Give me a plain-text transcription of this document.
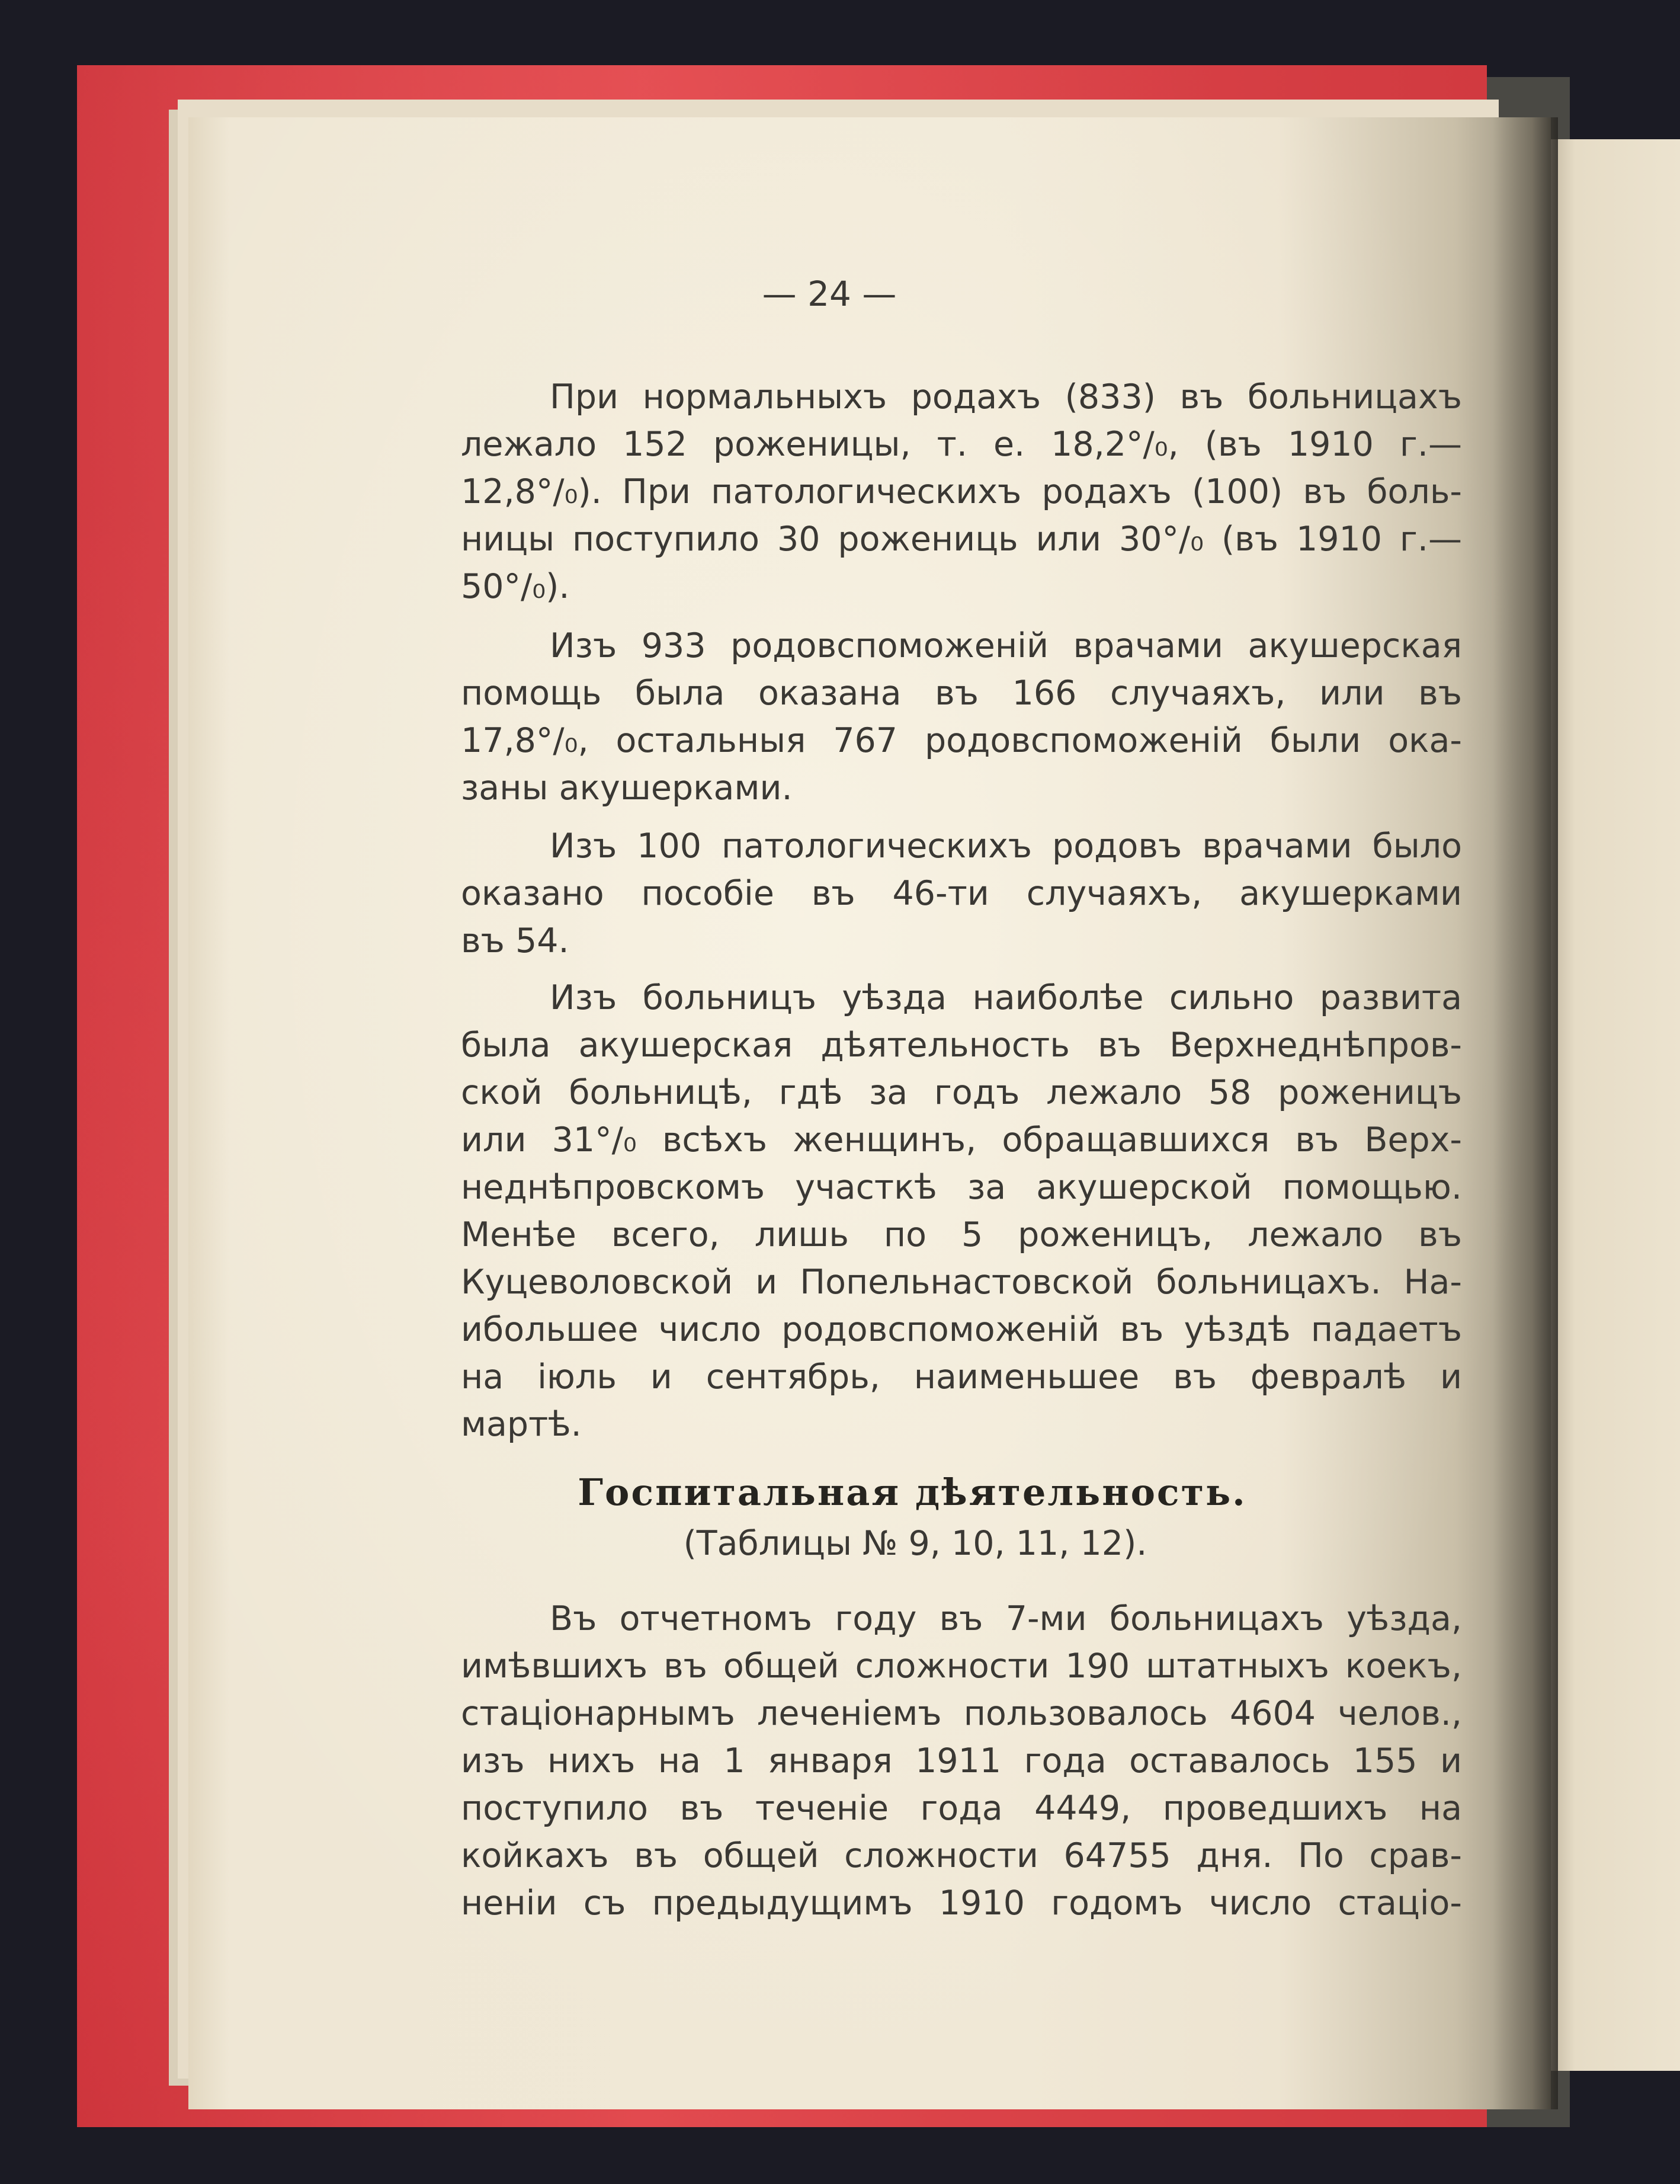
— 24 —
При нормальныхъ родахъ (833) въ больницахъ
лежало 152 роженицы, т. е. 18,2°/₀, (въ 1910 г.—
12,8°/₀). При патологическихъ родахъ (100) въ боль-
ницы поступило 30 рожениць или 30°/₀ (въ 1910 г.—
50°/₀).
Изъ 933 родовспоможеній врачами акушерская
помощь была оказана въ 166 случаяхъ, или въ
17,8°/₀, остальныя 767 родовспоможеній были ока-
заны акушерками.
Изъ 100 патологическихъ родовъ врачами было
оказано пособіе въ 46-ти случаяхъ, акушерками
въ 54.
Изъ больницъ уѣзда наиболѣе сильно развита
была акушерская дѣятельность въ Верхнеднѣпров-
ской больницѣ, гдѣ за годъ лежало 58 роженицъ
или 31°/₀ всѣхъ женщинъ, обращавшихся въ Верх-
неднѣпровскомъ участкѣ за акушерской помощью.
Менѣе всего, лишь по 5 роженицъ, лежало въ
Куцеволовской и Попельнастовской больницахъ. На-
ибольшее число родовспоможеній въ уѣздѣ падаетъ
на іюль и сентябрь, наименьшее въ февралѣ и
мартѣ.
Въ отчетномъ году въ 7-ми больницахъ уѣзда,
имѣвшихъ въ общей сложности 190 штатныхъ коекъ,
стаціонарнымъ леченіемъ пользовалось 4604 челов.,
изъ нихъ на 1 января 1911 года оставалось 155 и
поступило въ теченіе года 4449, проведшихъ на
койкахъ въ общей сложности 64755 дня. По срав-
неніи съ предыдущимъ 1910 годомъ число стаціо-
Госпитальная дѣятельность.
(Таблицы № 9, 10, 11, 12).
